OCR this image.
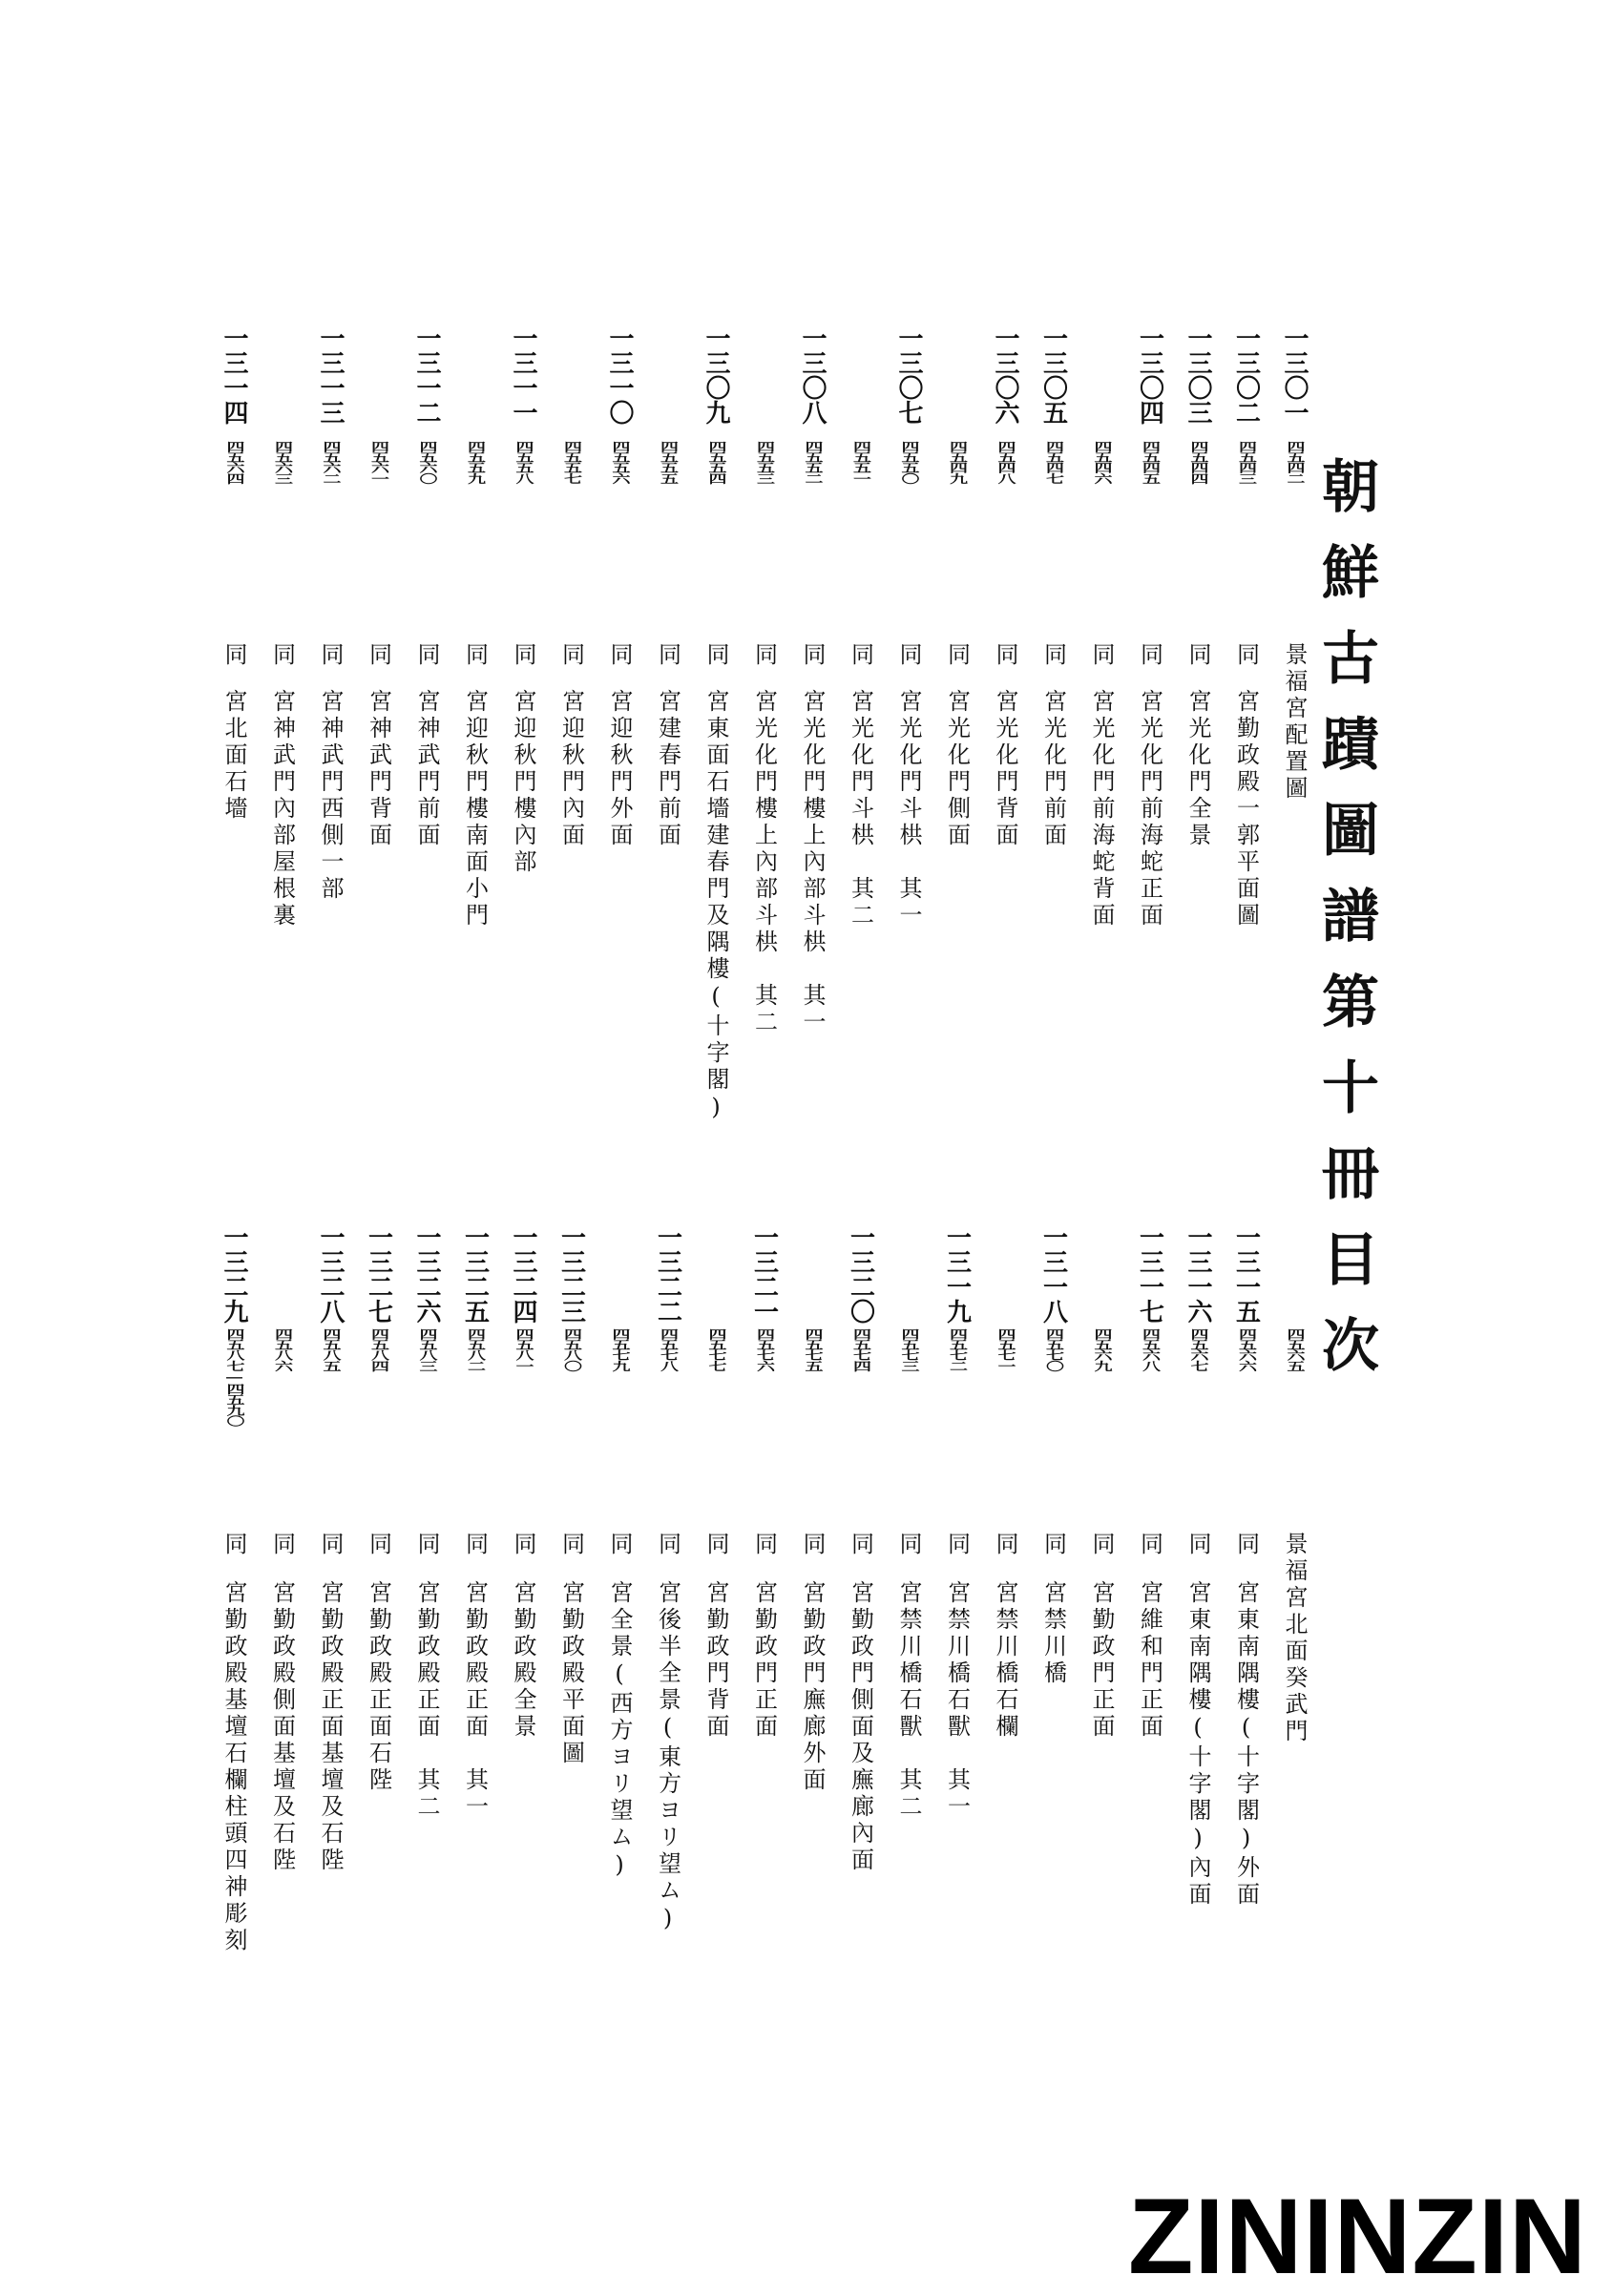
朝鮮古蹟圖譜第十冊目次
一三〇一
四五四二
景福宮配置圖
一三〇二
四五四三
同
宮勤政殿一郭平面圖
一三〇三
四五四四
同
宮光化門全景
一三〇四
四五四五
同
宮光化門前海蛇正面
四五四六
同
宮光化門前海蛇背面
一三〇五
四五四七
同
宮光化門前面
一三〇六
四五四八
同
宮光化門背面
四五四九
同
宮光化門側面
一三〇七
四五五〇
同
宮光化門斗栱　其一
四五五一
同
宮光化門斗栱　其二
一三〇八
四五五二
同
宮光化門樓上內部斗栱　其一
四五五三
同
宮光化門樓上內部斗栱　其二
一三〇九
四五五四
同
宮東面石墻建春門及隅樓(十字閣)
四五五五
同
宮建春門前面
一三一〇
四五五六
同
宮迎秋門外面
四五五七
同
宮迎秋門內面
一三一一
四五五八
同
宮迎秋門樓內部
四五五九
同
宮迎秋門樓南面小門
一三一二
四五六〇
同
宮神武門前面
四五六一
同
宮神武門背面
一三一三
四五六二
同
宮神武門西側一部
四五六三
同
宮神武門內部屋根裏
一三一四
四五六四
同
宮北面石墻
四五六五
景福宮北面癸武門
一三一五
四五六六
同
宮東南隅樓(十字閣)外面
一三一六
四五六七
同
宮東南隅樓(十字閣)內面
一三一七
四五六八
同
宮維和門正面
四五六九
同
宮勤政門正面
一三一八
四五七〇
同
宮禁川橋
四五七一
同
宮禁川橋石欄
一三一九
四五七二
同
宮禁川橋石獸　其一
四五七三
同
宮禁川橋石獸　其二
一三二〇
四五七四
同
宮勤政門側面及廡廊內面
四五七五
同
宮勤政門廡廊外面
一三二一
四五七六
同
宮勤政門正面
四五七七
同
宮勤政門背面
一三二二
四五七八
同
宮後半全景(東方ヨリ望ム)
四五七九
同
宮全景(西方ヨリ望ム)
一三二三
四五八〇
同
宮勤政殿平面圖
一三二四
四五八一
同
宮勤政殿全景
一三二五
四五八二
同
宮勤政殿正面　其一
一三二六
四五八三
同
宮勤政殿正面　其二
一三二七
四五八四
同
宮勤政殿正面石陛
一三二八
四五八五
同
宮勤政殿正面基壇及石陛
四五八六
同
宮勤政殿側面基壇及石陛
一三二九
四五八七—四五九〇
同
宮勤政殿基壇石欄柱頭四神彫刻
ZININZIN
